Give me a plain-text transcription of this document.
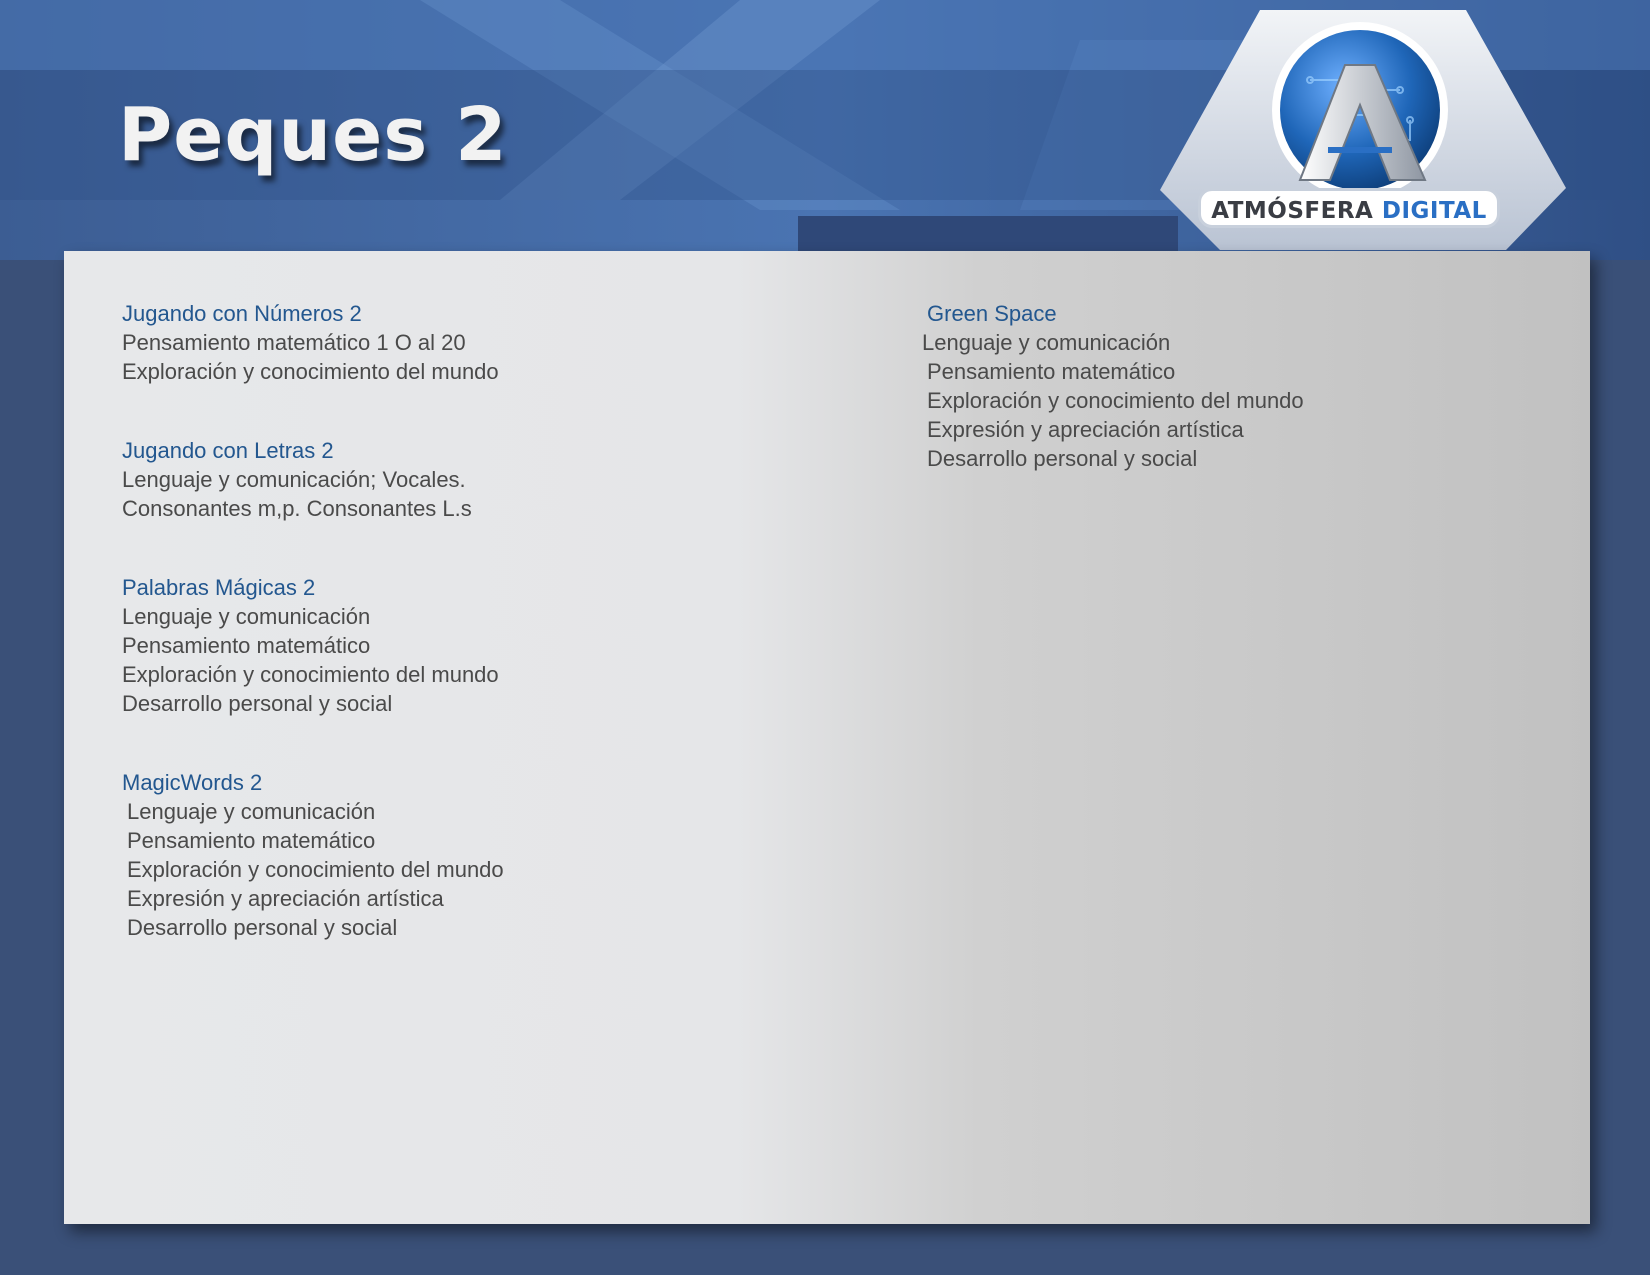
Peques 2
ATMÓSFERA DIGITAL
Jugando con Números 2
Pensamiento matemático 1 O al 20
Exploración y conocimiento del mundo
Jugando con Letras 2
Lenguaje y comunicación; Vocales.
Consonantes m,p. Consonantes L.s
Palabras Mágicas 2
Lenguaje y comunicación
Pensamiento matemático
Exploración y conocimiento del mundo
Desarrollo personal y social
MagicWords 2
Lenguaje y comunicación
Pensamiento matemático
Exploración y conocimiento del mundo
Expresión y apreciación artística
Desarrollo personal y social
Green Space
Lenguaje y comunicación
Pensamiento matemático
Exploración y conocimiento del mundo
Expresión y apreciación artística
Desarrollo personal y social
